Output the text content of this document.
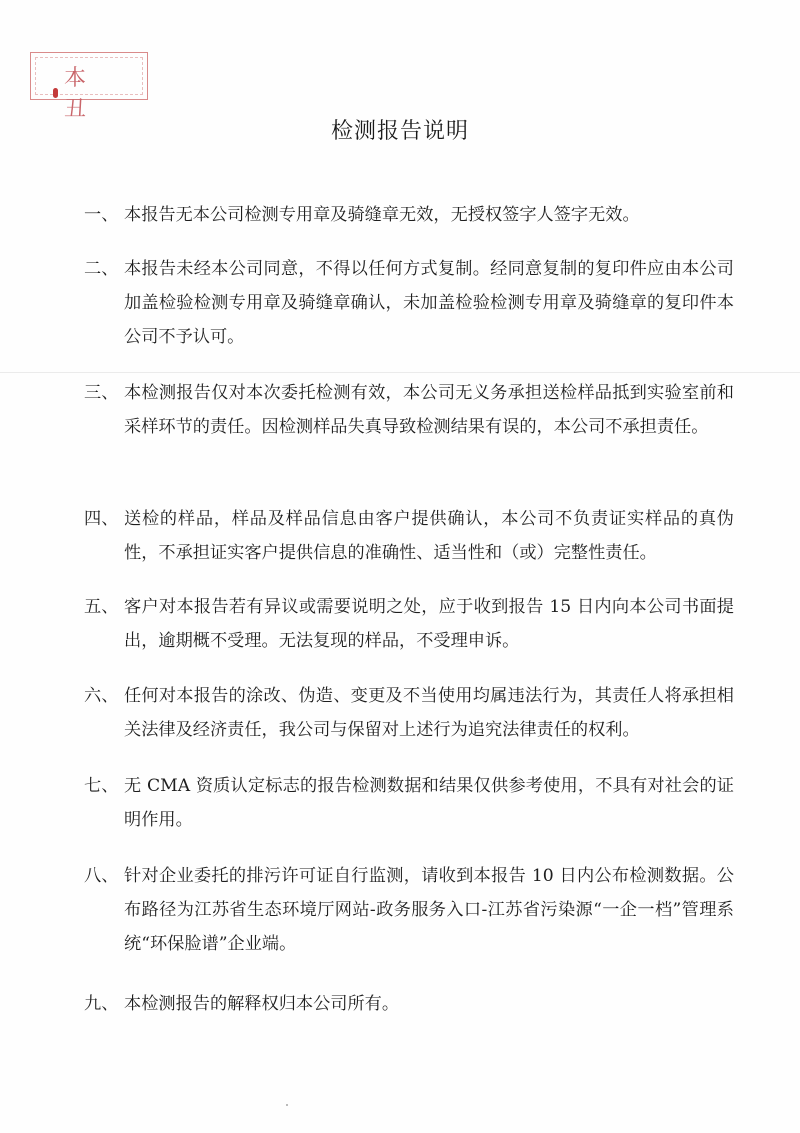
本 丑
检测报告说明
一、 本报告无本公司检测专用章及骑缝章无效，无授权签字人签字无效。
二、 本报告未经本公司同意，不得以任何方式复制。经同意复制的复印件应由本公司加盖检验检测专用章及骑缝章确认，未加盖检验检测专用章及骑缝章的复印件本公司不予认可。
三、 本检测报告仅对本次委托检测有效，本公司无义务承担送检样品抵到实验室前和采样环节的责任。因检测样品失真导致检测结果有误的，本公司不承担责任。
四、 送检的样品，样品及样品信息由客户提供确认，本公司不负责证实样品的真伪性，不承担证实客户提供信息的准确性、适当性和（或）完整性责任。
五、 客户对本报告若有异议或需要说明之处，应于收到报告 15 日内向本公司书面提出，逾期概不受理。无法复现的样品，不受理申诉。
六、 任何对本报告的涂改、伪造、变更及不当使用均属违法行为，其责任人将承担相关法律及经济责任，我公司与保留对上述行为追究法律责任的权利。
七、 无 CMA 资质认定标志的报告检测数据和结果仅供参考使用，不具有对社会的证明作用。
八、 针对企业委托的排污许可证自行监测，请收到本报告 10 日内公布检测数据。公布路径为江苏省生态环境厅网站-政务服务入口-江苏省污染源“一企一档”管理系统“环保脸谱”企业端。
九、 本检测报告的解释权归本公司所有。
